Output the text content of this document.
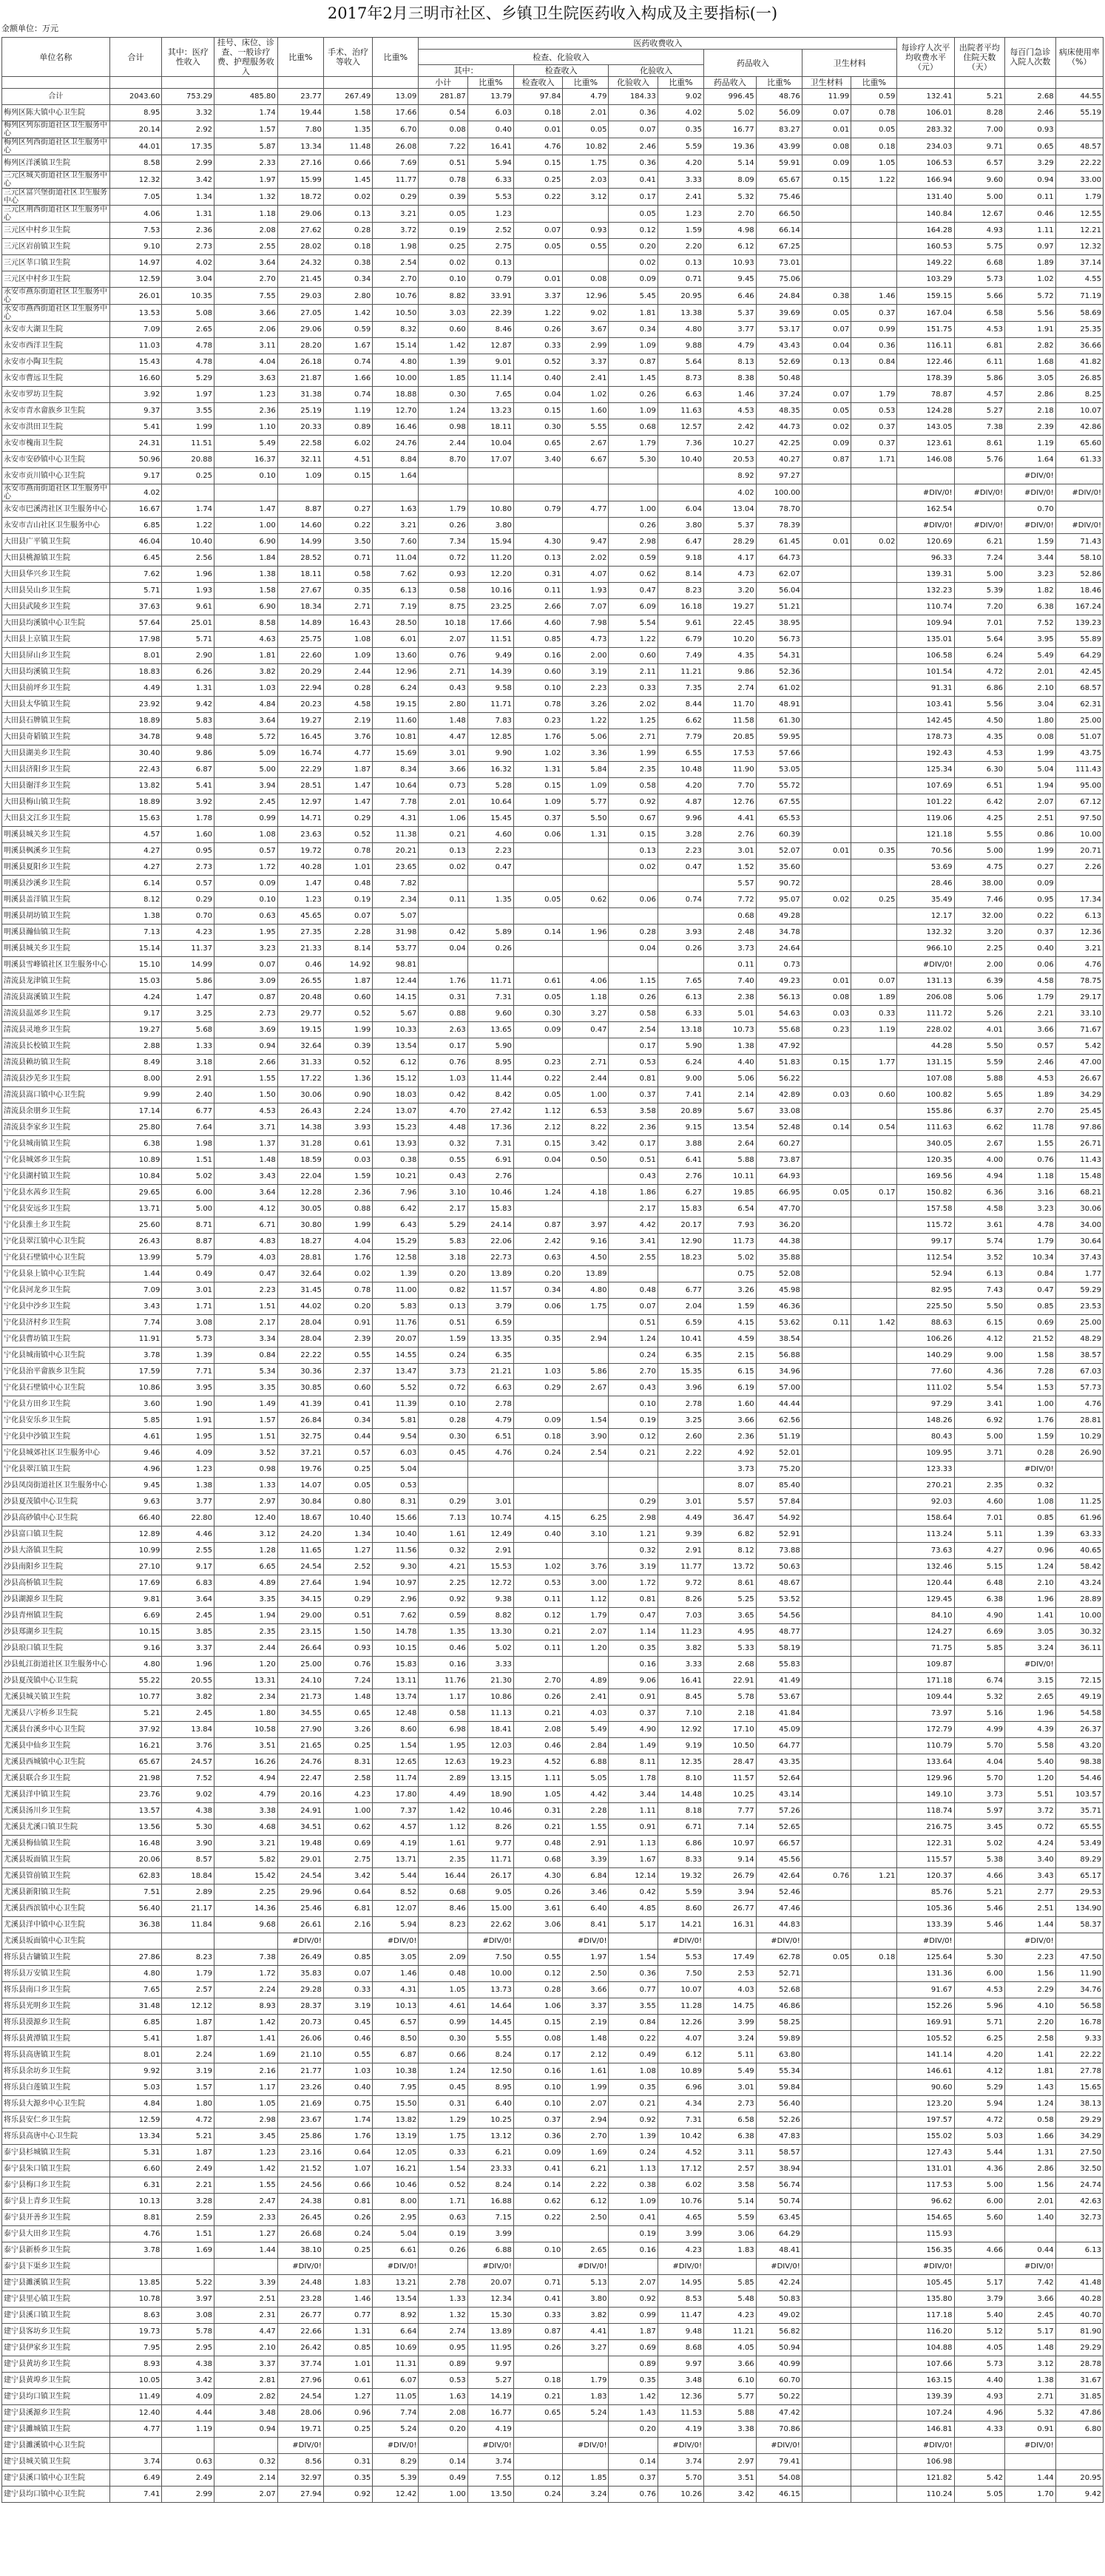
2017年2月三明市社区、乡镇卫生院医药收入构成及主要指标(一)
金额单位：万元
单位名称	合计	其中：医疗性收入	挂号、床位、诊查、一般诊疗费、护理服务收入	比重%	手术、治疗等收入	比重%	医药收费收入										每诊疗人次平均收费水平（元）	出院者平均住院天数（天）	每百门急诊入院人次数	病床使用率（%）
							检查、化验收入						药品收入		卫生材料					
							其中：		检查收入		化验收入									
							小计	比重%	检查收入	比重%	化验收入	比重%	药品收入	比重%	卫生材料	比重%				
合计	2043.60	753.29	485.80	23.77	267.49	13.09	281.87	13.79	97.84	4.79	184.33	9.02	996.45	48.76	11.99	0.59	132.41	5.21	2.68	44.55
梅列区陈大镇中心卫生院	8.95	3.32	1.74	19.44	1.58	17.66	0.54	6.03	0.18	2.01	0.36	4.02	5.02	56.09	0.07	0.78	106.01	8.28	2.46	55.19
梅列区列东街道社区卫生服务中心	20.14	2.92	1.57	7.80	1.35	6.70	0.08	0.40	0.01	0.05	0.07	0.35	16.77	83.27	0.01	0.05	283.32	7.00	0.93	
梅列区列西街道社区卫生服务中心	44.01	17.35	5.87	13.34	11.48	26.08	7.22	16.41	4.76	10.82	2.46	5.59	19.36	43.99	0.08	0.18	234.03	9.71	0.65	48.57
梅列区洋溪镇卫生院	8.58	2.99	2.33	27.16	0.66	7.69	0.51	5.94	0.15	1.75	0.36	4.20	5.14	59.91	0.09	1.05	106.53	6.57	3.29	22.22
三元区城关街道社区卫生服务中心	12.32	3.42	1.97	15.99	1.45	11.77	0.78	6.33	0.25	2.03	0.41	3.33	8.09	65.67	0.15	1.22	166.94	9.60	0.94	33.00
三元区富兴堡街道社区卫生服务中心	7.05	1.34	1.32	18.72	0.02	0.29	0.39	5.53	0.22	3.12	0.17	2.41	5.32	75.46			131.40	5.00	0.11	1.79
三元区荆西街道社区卫生服务中心	4.06	1.31	1.18	29.06	0.13	3.21	0.05	1.23			0.05	1.23	2.70	66.50			140.84	12.67	0.46	12.55
三元区中村乡卫生院	7.53	2.36	2.08	27.62	0.28	3.72	0.19	2.52	0.07	0.93	0.12	1.59	4.98	66.14			164.28	4.93	1.11	12.21
三元区岩前镇卫生院	9.10	2.73	2.55	28.02	0.18	1.98	0.25	2.75	0.05	0.55	0.20	2.20	6.12	67.25			160.53	5.75	0.97	12.32
三元区莘口镇卫生院	14.97	4.02	3.64	24.32	0.38	2.54	0.02	0.13			0.02	0.13	10.93	73.01			149.22	6.68	1.89	37.14
三元区中村乡卫生院	12.59	3.04	2.70	21.45	0.34	2.70	0.10	0.79	0.01	0.08	0.09	0.71	9.45	75.06			103.29	5.73	1.02	4.55
永安市燕东街道社区卫生服务中心	26.01	10.35	7.55	29.03	2.80	10.76	8.82	33.91	3.37	12.96	5.45	20.95	6.46	24.84	0.38	1.46	159.15	5.66	5.72	71.19
永安市燕西街道社区卫生服务中心	13.53	5.08	3.66	27.05	1.42	10.50	3.03	22.39	1.22	9.02	1.81	13.38	5.37	39.69	0.05	0.37	167.04	6.58	5.56	58.69
永安市大湖卫生院	7.09	2.65	2.06	29.06	0.59	8.32	0.60	8.46	0.26	3.67	0.34	4.80	3.77	53.17	0.07	0.99	151.75	4.53	1.91	25.35
永安市西洋卫生院	11.03	4.78	3.11	28.20	1.67	15.14	1.42	12.87	0.33	2.99	1.09	9.88	4.79	43.43	0.04	0.36	116.11	6.81	2.82	36.66
永安市小陶卫生院	15.43	4.78	4.04	26.18	0.74	4.80	1.39	9.01	0.52	3.37	0.87	5.64	8.13	52.69	0.13	0.84	122.46	6.11	1.68	41.82
永安市曹远卫生院	16.60	5.29	3.63	21.87	1.66	10.00	1.85	11.14	0.40	2.41	1.45	8.73	8.38	50.48			178.39	5.86	3.05	26.85
永安市罗坊卫生院	3.92	1.97	1.23	31.38	0.74	18.88	0.30	7.65	0.04	1.02	0.26	6.63	1.46	37.24	0.07	1.79	78.87	4.57	2.86	8.25
永安市青水畲族乡卫生院	9.37	3.55	2.36	25.19	1.19	12.70	1.24	13.23	0.15	1.60	1.09	11.63	4.53	48.35	0.05	0.53	124.28	5.27	2.18	10.07
永安市洪田卫生院	5.41	1.99	1.10	20.33	0.89	16.46	0.98	18.11	0.30	5.55	0.68	12.57	2.42	44.73	0.02	0.37	143.05	7.38	2.39	42.86
永安市槐南卫生院	24.31	11.51	5.49	22.58	6.02	24.76	2.44	10.04	0.65	2.67	1.79	7.36	10.27	42.25	0.09	0.37	123.61	8.61	1.19	65.60
永安市安砂镇中心卫生院	50.96	20.88	16.37	32.11	4.51	8.84	8.70	17.07	3.40	6.67	5.30	10.40	20.53	40.27	0.87	1.71	146.08	5.76	1.64	61.33
永安市贡川镇中心卫生院	9.17	0.25	0.10	1.09	0.15	1.64							8.92	97.27					#DIV/0!	
永安市燕南街道社区卫生服务中心	4.02												4.02	100.00			#DIV/0!	#DIV/0!	#DIV/0!	#DIV/0!
永安市巴溪湾社区卫生服务中心	16.67	1.74	1.47	8.87	0.27	1.63	1.79	10.80	0.79	4.77	1.00	6.04	13.04	78.70			162.54		0.70	
永安市吉山社区卫生服务中心	6.85	1.22	1.00	14.60	0.22	3.21	0.26	3.80			0.26	3.80	5.37	78.39			#DIV/0!	#DIV/0!	#DIV/0!	#DIV/0!
大田县广平镇卫生院	46.04	10.40	6.90	14.99	3.50	7.60	7.34	15.94	4.30	9.47	2.98	6.47	28.29	61.45	0.01	0.02	120.69	6.21	1.59	71.43
大田县桃源镇卫生院	6.45	2.56	1.84	28.52	0.71	11.04	0.72	11.20	0.13	2.02	0.59	9.18	4.17	64.73			96.33	7.24	3.44	58.10
大田县华兴乡卫生院	7.62	1.96	1.38	18.11	0.58	7.62	0.93	12.20	0.31	4.07	0.62	8.14	4.73	62.07			139.31	5.00	3.23	52.86
大田县吴山乡卫生院	5.71	1.93	1.58	27.67	0.35	6.13	0.58	10.16	0.11	1.93	0.47	8.23	3.20	56.04			132.23	5.39	1.82	18.46
大田县武陵乡卫生院	37.63	9.61	6.90	18.34	2.71	7.19	8.75	23.25	2.66	7.07	6.09	16.18	19.27	51.21			110.74	7.20	6.38	167.24
大田县均溪镇中心卫生院	57.64	25.01	8.58	14.89	16.43	28.50	10.18	17.66	4.60	7.98	5.54	9.61	22.45	38.95			109.94	7.01	7.52	139.23
大田县上京镇卫生院	17.98	5.71	4.63	25.75	1.08	6.01	2.07	11.51	0.85	4.73	1.22	6.79	10.20	56.73			135.01	5.64	3.95	55.89
大田县屏山乡卫生院	8.01	2.90	1.81	22.60	1.09	13.60	0.76	9.49	0.16	2.00	0.60	7.49	4.35	54.31			106.58	6.24	5.49	64.29
大田县均溪镇卫生院	18.83	6.26	3.82	20.29	2.44	12.96	2.71	14.39	0.60	3.19	2.11	11.21	9.86	52.36			101.54	4.72	2.01	42.45
大田县前坪乡卫生院	4.49	1.31	1.03	22.94	0.28	6.24	0.43	9.58	0.10	2.23	0.33	7.35	2.74	61.02			91.31	6.86	2.10	68.57
大田县太华镇卫生院	23.92	9.42	4.84	20.23	4.58	19.15	2.80	11.71	0.78	3.26	2.02	8.44	11.70	48.91			103.41	5.56	3.04	62.31
大田县石牌镇卫生院	18.89	5.83	3.64	19.27	2.19	11.60	1.48	7.83	0.23	1.22	1.25	6.62	11.58	61.30			142.45	4.50	1.80	25.00
大田县奇韬镇卫生院	34.78	9.48	5.72	16.45	3.76	10.81	4.47	12.85	1.76	5.06	2.71	7.79	20.85	59.95			178.73	4.35	0.08	51.07
大田县湖美乡卫生院	30.40	9.86	5.09	16.74	4.77	15.69	3.01	9.90	1.02	3.36	1.99	6.55	17.53	57.66			192.43	4.53	1.99	43.75
大田县济阳乡卫生院	22.43	6.87	5.00	22.29	1.87	8.34	3.66	16.32	1.31	5.84	2.35	10.48	11.90	53.05			125.34	6.30	5.04	111.43
大田县谢洋乡卫生院	13.82	5.41	3.94	28.51	1.47	10.64	0.73	5.28	0.15	1.09	0.58	4.20	7.70	55.72			107.69	6.51	1.94	95.00
大田县梅山镇卫生院	18.89	3.92	2.45	12.97	1.47	7.78	2.01	10.64	1.09	5.77	0.92	4.87	12.76	67.55			101.22	6.42	2.07	67.12
大田县文江乡卫生院	15.63	1.78	0.99	14.71	0.29	4.31	1.06	15.45	0.37	5.50	0.67	9.96	4.41	65.53			119.06	4.25	2.51	97.50
明溪县城关乡卫生院	4.57	1.60	1.08	23.63	0.52	11.38	0.21	4.60	0.06	1.31	0.15	3.28	2.76	60.39			121.18	5.55	0.86	10.00
明溪县枫溪乡卫生院	4.27	0.95	0.57	19.72	0.78	20.21	0.13	2.23			0.13	2.23	3.01	52.07	0.01	0.35	70.56	5.00	1.99	20.71
明溪县夏阳乡卫生院	4.27	2.73	1.72	40.28	1.01	23.65	0.02	0.47			0.02	0.47	1.52	35.60			53.69	4.75	0.27	2.26
明溪县沙溪乡卫生院	6.14	0.57	0.09	1.47	0.48	7.82							5.57	90.72			28.46	38.00	0.09	
明溪县盖洋镇卫生院	8.12	0.29	0.10	1.23	0.19	2.34	0.11	1.35	0.05	0.62	0.06	0.74	7.72	95.07	0.02	0.25	35.49	7.46	0.95	17.34
明溪县胡坊镇卫生院	1.38	0.70	0.63	45.65	0.07	5.07							0.68	49.28			12.17	32.00	0.22	6.13
明溪县瀚仙镇卫生院	7.13	4.23	1.95	27.35	2.28	31.98	0.42	5.89	0.14	1.96	0.28	3.93	2.48	34.78			132.32	3.20	0.37	12.36
明溪县城关乡卫生院	15.14	11.37	3.23	21.33	8.14	53.77	0.04	0.26			0.04	0.26	3.73	24.64			966.10	2.25	0.40	3.21
明溪县雪峰镇社区卫生服务中心	15.10	14.99	0.07	0.46	14.92	98.81							0.11	0.73			#DIV/0!	2.00	0.06	4.76
清流县龙津镇卫生院	15.03	5.86	3.09	26.55	1.87	12.44	1.76	11.71	0.61	4.06	1.15	7.65	7.40	49.23	0.01	0.07	131.13	6.39	4.58	78.75
清流县嵩溪镇卫生院	4.24	1.47	0.87	20.48	0.60	14.15	0.31	7.31	0.05	1.18	0.26	6.13	2.38	56.13	0.08	1.89	206.08	5.06	1.79	29.17
清流县温郊乡卫生院	9.17	3.25	2.73	29.77	0.52	5.67	0.88	9.60	0.30	3.27	0.58	6.33	5.01	54.63	0.03	0.33	111.72	5.26	2.21	33.10
清流县灵地乡卫生院	19.27	5.68	3.69	19.15	1.99	10.33	2.63	13.65	0.09	0.47	2.54	13.18	10.73	55.68	0.23	1.19	228.02	4.01	3.66	71.67
清流县长校镇卫生院	2.88	1.33	0.94	32.64	0.39	13.54	0.17	5.90			0.17	5.90	1.38	47.92			44.28	5.50	0.57	5.42
清流县赖坊镇卫生院	8.49	3.18	2.66	31.33	0.52	6.12	0.76	8.95	0.23	2.71	0.53	6.24	4.40	51.83	0.15	1.77	131.15	5.59	2.46	47.00
清流县沙芜乡卫生院	8.00	2.91	1.55	17.22	1.36	15.12	1.03	11.44	0.22	2.44	0.81	9.00	5.06	56.22			107.08	5.88	4.53	26.67
清流县嵩口镇中心卫生院	9.99	2.40	1.50	30.06	0.90	18.03	0.42	8.42	0.05	1.00	0.37	7.41	2.14	42.89	0.03	0.60	100.82	5.65	1.89	34.29
清流县余朋乡卫生院	17.14	6.77	4.53	26.43	2.24	13.07	4.70	27.42	1.12	6.53	3.58	20.89	5.67	33.08			155.86	6.37	2.70	25.45
清流县李家乡卫生院	25.80	7.64	3.71	14.38	3.93	15.23	4.48	17.36	2.12	8.22	2.36	9.15	13.54	52.48	0.14	0.54	111.63	6.62	11.78	97.86
宁化县城南镇卫生院	6.38	1.98	1.37	31.28	0.61	13.93	0.32	7.31	0.15	3.42	0.17	3.88	2.64	60.27			340.05	2.67	1.55	26.71
宁化县城郊乡卫生院	10.89	1.51	1.48	18.59	0.03	0.38	0.55	6.91	0.04	0.50	0.51	6.41	5.88	73.87			120.35	4.00	0.76	11.43
宁化县湖村镇卫生院	10.84	5.02	3.43	22.04	1.59	10.21	0.43	2.76			0.43	2.76	10.11	64.93			169.56	4.94	1.18	15.48
宁化县水茜乡卫生院	29.65	6.00	3.64	12.28	2.36	7.96	3.10	10.46	1.24	4.18	1.86	6.27	19.85	66.95	0.05	0.17	150.82	6.36	3.16	68.21
宁化县安远乡卫生院	13.71	5.00	4.12	30.05	0.88	6.42	2.17	15.83			2.17	15.83	6.54	47.70			157.58	4.58	3.23	30.06
宁化县淮土乡卫生院	25.60	8.71	6.71	30.80	1.99	6.43	5.29	24.14	0.87	3.97	4.42	20.17	7.93	36.20			115.72	3.61	4.78	34.00
宁化县翠江镇中心卫生院	26.43	8.87	4.83	18.27	4.04	15.29	5.83	22.06	2.42	9.16	3.41	12.90	11.73	44.38			99.17	5.74	1.79	30.64
宁化县石壁镇中心卫生院	13.99	5.79	4.03	28.81	1.76	12.58	3.18	22.73	0.63	4.50	2.55	18.23	5.02	35.88			112.54	3.52	10.34	37.43
宁化县泉上镇中心卫生院	1.44	0.49	0.47	32.64	0.02	1.39	0.20	13.89	0.20	13.89			0.75	52.08			52.94	6.13	0.84	1.77
宁化县河龙乡卫生院	7.09	3.01	2.23	31.45	0.78	11.00	0.82	11.57	0.34	4.80	0.48	6.77	3.26	45.98			82.95	7.43	0.47	59.29
宁化县中沙乡卫生院	3.43	1.71	1.51	44.02	0.20	5.83	0.13	3.79	0.06	1.75	0.07	2.04	1.59	46.36			225.50	5.50	0.85	23.53
宁化县济村乡卫生院	7.74	3.08	2.17	28.04	0.91	11.76	0.51	6.59			0.51	6.59	4.15	53.62	0.11	1.42	88.63	6.15	0.69	25.00
宁化县曹坊镇卫生院	11.91	5.73	3.34	28.04	2.39	20.07	1.59	13.35	0.35	2.94	1.24	10.41	4.59	38.54			106.26	4.12	21.52	48.29
宁化县城南镇中心卫生院	3.78	1.39	0.84	22.22	0.55	14.55	0.24	6.35			0.24	6.35	2.15	56.88			140.29	9.00	1.58	38.57
宁化县治平畲族乡卫生院	17.59	7.71	5.34	30.36	2.37	13.47	3.73	21.21	1.03	5.86	2.70	15.35	6.15	34.96			77.60	4.36	7.28	67.03
宁化县石壁镇中心卫生院	10.86	3.95	3.35	30.85	0.60	5.52	0.72	6.63	0.29	2.67	0.43	3.96	6.19	57.00			111.02	5.54	1.53	57.73
宁化县方田乡卫生院	3.60	1.90	1.49	41.39	0.41	11.39	0.10	2.78			0.10	2.78	1.60	44.44			97.29	3.41	1.00	4.76
宁化县安乐乡卫生院	5.85	1.91	1.57	26.84	0.34	5.81	0.28	4.79	0.09	1.54	0.19	3.25	3.66	62.56			148.26	6.92	1.76	28.81
宁化县中沙镇卫生院	4.61	1.95	1.51	32.75	0.44	9.54	0.30	6.51	0.18	3.90	0.12	2.60	2.36	51.19			80.43	5.00	1.59	10.29
宁化县城郊社区卫生服务中心	9.46	4.09	3.52	37.21	0.57	6.03	0.45	4.76	0.24	2.54	0.21	2.22	4.92	52.01			109.95	3.71	0.28	26.90
宁化县翠江镇卫生院	4.96	1.23	0.98	19.76	0.25	5.04							3.73	75.20			123.33		#DIV/0!	
沙县凤岗街道社区卫生服务中心	9.45	1.38	1.33	14.07	0.05	0.53							8.07	85.40			270.21	2.35	0.32	
沙县夏茂镇中心卫生院	9.63	3.77	2.97	30.84	0.80	8.31	0.29	3.01			0.29	3.01	5.57	57.84			92.03	4.60	1.08	11.25
沙县高砂镇中心卫生院	66.40	22.80	12.40	18.67	10.40	15.66	7.13	10.74	4.15	6.25	2.98	4.49	36.47	54.92			158.64	7.01	0.85	61.96
沙县富口镇卫生院	12.89	4.46	3.12	24.20	1.34	10.40	1.61	12.49	0.40	3.10	1.21	9.39	6.82	52.91			113.24	5.11	1.39	63.33
沙县大洛镇卫生院	10.99	2.55	1.28	11.65	1.27	11.56	0.32	2.91			0.32	2.91	8.12	73.88			73.63	4.27	0.96	40.65
沙县南阳乡卫生院	27.10	9.17	6.65	24.54	2.52	9.30	4.21	15.53	1.02	3.76	3.19	11.77	13.72	50.63			132.46	5.15	1.24	58.42
沙县高桥镇卫生院	17.69	6.83	4.89	27.64	1.94	10.97	2.25	12.72	0.53	3.00	1.72	9.72	8.61	48.67			120.44	6.48	2.10	43.24
沙县湖源乡卫生院	9.81	3.64	3.35	34.15	0.29	2.96	0.92	9.38	0.11	1.12	0.81	8.26	5.25	53.52			129.45	6.38	1.96	28.89
沙县青州镇卫生院	6.69	2.45	1.94	29.00	0.51	7.62	0.59	8.82	0.12	1.79	0.47	7.03	3.65	54.56			84.10	4.90	1.41	10.00
沙县郑湖乡卫生院	10.15	3.85	2.35	23.15	1.50	14.78	1.35	13.30	0.21	2.07	1.14	11.23	4.95	48.77			124.27	6.69	3.05	30.32
沙县琅口镇卫生院	9.16	3.37	2.44	26.64	0.93	10.15	0.46	5.02	0.11	1.20	0.35	3.82	5.33	58.19			71.75	5.85	3.24	36.11
沙县虬江街道社区卫生服务中心	4.80	1.96	1.20	25.00	0.76	15.83	0.16	3.33			0.16	3.33	2.68	55.83			109.87		#DIV/0!	
沙县夏茂镇中心卫生院	55.22	20.55	13.31	24.10	7.24	13.11	11.76	21.30	2.70	4.89	9.06	16.41	22.91	41.49			171.18	6.74	3.15	72.15
尤溪县城关镇卫生院	10.77	3.82	2.34	21.73	1.48	13.74	1.17	10.86	0.26	2.41	0.91	8.45	5.78	53.67			109.44	5.32	2.65	49.19
尤溪县八字桥乡卫生院	5.21	2.45	1.80	34.55	0.65	12.48	0.58	11.13	0.21	4.03	0.37	7.10	2.18	41.84			73.97	5.16	1.96	54.58
尤溪县台溪乡中心卫生院	37.92	13.84	10.58	27.90	3.26	8.60	6.98	18.41	2.08	5.49	4.90	12.92	17.10	45.09			172.79	4.99	4.39	26.37
尤溪县中仙乡卫生院	16.21	3.76	3.51	21.65	0.25	1.54	1.95	12.03	0.46	2.84	1.49	9.19	10.50	64.77			110.79	5.70	5.58	43.20
尤溪县西城镇中心卫生院	65.67	24.57	16.26	24.76	8.31	12.65	12.63	19.23	4.52	6.88	8.11	12.35	28.47	43.35			133.64	4.04	5.40	98.38
尤溪县联合乡卫生院	21.98	7.52	4.94	22.47	2.58	11.74	2.89	13.15	1.11	5.05	1.78	8.10	11.57	52.64			129.96	5.70	1.20	54.46
尤溪县洋中镇卫生院	23.76	9.02	4.79	20.16	4.23	17.80	4.49	18.90	1.05	4.42	3.44	14.48	10.25	43.14			149.10	3.73	5.51	103.57
尤溪县汤川乡卫生院	13.57	4.38	3.38	24.91	1.00	7.37	1.42	10.46	0.31	2.28	1.11	8.18	7.77	57.26			118.74	5.97	3.72	35.71
尤溪县尤溪口镇卫生院	13.56	5.30	4.68	34.51	0.62	4.57	1.12	8.26	0.21	1.55	0.91	6.71	7.14	52.65			216.75	3.45	0.72	65.55
尤溪县梅仙镇卫生院	16.48	3.90	3.21	19.48	0.69	4.19	1.61	9.77	0.48	2.91	1.13	6.86	10.97	66.57			122.31	5.02	4.24	53.49
尤溪县坂面镇卫生院	20.06	8.57	5.82	29.01	2.75	13.71	2.35	11.71	0.68	3.39	1.67	8.33	9.14	45.56			115.57	5.38	3.40	89.29
尤溪县管前镇卫生院	62.83	18.84	15.42	24.54	3.42	5.44	16.44	26.17	4.30	6.84	12.14	19.32	26.79	42.64	0.76	1.21	120.37	4.66	3.43	65.17
尤溪县新阳镇卫生院	7.51	2.89	2.25	29.96	0.64	8.52	0.68	9.05	0.26	3.46	0.42	5.59	3.94	52.46			85.76	5.21	2.77	29.53
尤溪县西滨镇中心卫生院	56.40	21.17	14.36	25.46	6.81	12.07	8.46	15.00	3.61	6.40	4.85	8.60	26.77	47.46			105.36	5.46	2.51	134.90
尤溪县洋中镇中心卫生院	36.38	11.84	9.68	26.61	2.16	5.94	8.23	22.62	3.06	8.41	5.17	14.21	16.31	44.83			133.39	5.46	1.44	58.37
尤溪县坂面镇中心卫生院				#DIV/0!		#DIV/0!		#DIV/0!		#DIV/0!		#DIV/0!		#DIV/0!			#DIV/0!		#DIV/0!	
将乐县古镛镇卫生院	27.86	8.23	7.38	26.49	0.85	3.05	2.09	7.50	0.55	1.97	1.54	5.53	17.49	62.78	0.05	0.18	125.64	5.30	2.23	47.50
将乐县万安镇卫生院	4.80	1.79	1.72	35.83	0.07	1.46	0.48	10.00	0.12	2.50	0.36	7.50	2.53	52.71			131.36	6.00	1.56	11.90
将乐县南口乡卫生院	7.65	2.57	2.24	29.28	0.33	4.31	1.05	13.73	0.28	3.66	0.77	10.07	4.03	52.68			91.67	4.53	2.29	34.76
将乐县光明乡卫生院	31.48	12.12	8.93	28.37	3.19	10.13	4.61	14.64	1.06	3.37	3.55	11.28	14.75	46.86			152.26	5.96	4.10	56.58
将乐县漠源乡卫生院	6.85	1.87	1.42	20.73	0.45	6.57	0.99	14.45	0.15	2.19	0.84	12.26	3.99	58.25			169.91	5.71	2.20	16.78
将乐县黄潭镇卫生院	5.41	1.87	1.41	26.06	0.46	8.50	0.30	5.55	0.08	1.48	0.22	4.07	3.24	59.89			105.52	6.25	2.58	9.33
将乐县高唐镇卫生院	8.01	2.24	1.69	21.10	0.55	6.87	0.66	8.24	0.17	2.12	0.49	6.12	5.11	63.80			141.14	4.20	1.41	22.22
将乐县余坊乡卫生院	9.92	3.19	2.16	21.77	1.03	10.38	1.24	12.50	0.16	1.61	1.08	10.89	5.49	55.34			146.61	4.12	1.81	27.78
将乐县白莲镇卫生院	5.03	1.57	1.17	23.26	0.40	7.95	0.45	8.95	0.10	1.99	0.35	6.96	3.01	59.84			90.60	5.29	1.43	15.65
将乐县大源乡中心卫生院	4.84	1.80	1.05	21.69	0.75	15.50	0.31	6.40	0.10	2.07	0.21	4.34	2.73	56.40			123.20	5.94	1.24	38.13
将乐县安仁乡卫生院	12.59	4.72	2.98	23.67	1.74	13.82	1.29	10.25	0.37	2.94	0.92	7.31	6.58	52.26			197.57	4.72	0.58	29.29
将乐县高唐中心卫生院	13.34	5.21	3.45	25.86	1.76	13.19	1.75	13.12	0.36	2.70	1.39	10.42	6.38	47.83			155.02	5.03	1.66	34.29
泰宁县杉城镇卫生院	5.31	1.87	1.23	23.16	0.64	12.05	0.33	6.21	0.09	1.69	0.24	4.52	3.11	58.57			127.43	5.44	1.31	27.50
泰宁县朱口镇卫生院	6.60	2.49	1.42	21.52	1.07	16.21	1.54	23.33	0.41	6.21	1.13	17.12	2.57	38.94			131.01	4.36	2.86	32.50
泰宁县梅口乡卫生院	6.31	2.21	1.55	24.56	0.66	10.46	0.52	8.24	0.14	2.22	0.38	6.02	3.58	56.74			117.53	5.00	1.56	24.74
泰宁县上青乡卫生院	10.13	3.28	2.47	24.38	0.81	8.00	1.71	16.88	0.62	6.12	1.09	10.76	5.14	50.74			96.62	6.00	2.01	42.63
泰宁县开善乡卫生院	8.81	2.59	2.33	26.45	0.26	2.95	0.63	7.15	0.22	2.50	0.41	4.65	5.59	63.45			154.65	5.60	1.40	32.73
泰宁县大田乡卫生院	4.76	1.51	1.27	26.68	0.24	5.04	0.19	3.99			0.19	3.99	3.06	64.29			115.93			
泰宁县新桥乡卫生院	3.78	1.69	1.44	38.10	0.25	6.61	0.26	6.88	0.10	2.65	0.16	4.23	1.83	48.41			156.35	4.66	0.44	6.13
泰宁县下渠乡卫生院				#DIV/0!		#DIV/0!		#DIV/0!		#DIV/0!		#DIV/0!		#DIV/0!			#DIV/0!		#DIV/0!	
建宁县濉溪镇卫生院	13.85	5.22	3.39	24.48	1.83	13.21	2.78	20.07	0.71	5.13	2.07	14.95	5.85	42.24			105.45	5.17	7.42	41.48
建宁县里心镇卫生院	10.78	3.97	2.51	23.28	1.46	13.54	1.33	12.34	0.41	3.80	0.92	8.53	5.48	50.83			135.80	3.79	3.66	40.28
建宁县溪口镇卫生院	8.63	3.08	2.31	26.77	0.77	8.92	1.32	15.30	0.33	3.82	0.99	11.47	4.23	49.02			117.18	5.40	2.45	40.70
建宁县客坊乡卫生院	19.73	5.78	4.47	22.66	1.31	6.64	2.74	13.89	0.87	4.41	1.87	9.48	11.21	56.82			116.20	5.12	5.17	81.90
建宁县伊家乡卫生院	7.95	2.95	2.10	26.42	0.85	10.69	0.95	11.95	0.26	3.27	0.69	8.68	4.05	50.94			104.88	4.05	1.48	29.29
建宁县黄坊乡卫生院	8.93	4.38	3.37	37.74	1.01	11.31	0.89	9.97			0.89	9.97	3.66	40.99			107.66	5.73	3.12	28.78
建宁县黄埠乡卫生院	10.05	3.42	2.81	27.96	0.61	6.07	0.53	5.27	0.18	1.79	0.35	3.48	6.10	60.70			163.15	4.40	1.38	31.67
建宁县均口镇卫生院	11.49	4.09	2.82	24.54	1.27	11.05	1.63	14.19	0.21	1.83	1.42	12.36	5.77	50.22			139.39	4.93	2.71	31.85
建宁县溪源乡卫生院	12.40	4.44	3.48	28.06	0.96	7.74	2.08	16.77	0.65	5.24	1.43	11.53	5.88	47.42			107.24	4.96	5.32	47.86
建宁县濉城镇卫生院	4.77	1.19	0.94	19.71	0.25	5.24	0.20	4.19			0.20	4.19	3.38	70.86			146.81	4.33	0.91	6.80
建宁县濉溪镇中心卫生院				#DIV/0!		#DIV/0!		#DIV/0!		#DIV/0!		#DIV/0!		#DIV/0!			#DIV/0!		#DIV/0!	
建宁县城关镇卫生院	3.74	0.63	0.32	8.56	0.31	8.29	0.14	3.74			0.14	3.74	2.97	79.41			106.98			
建宁县溪口镇中心卫生院	6.49	2.49	2.14	32.97	0.35	5.39	0.49	7.55	0.12	1.85	0.37	5.70	3.51	54.08			121.82	5.42	1.44	20.95
建宁县均口镇中心卫生院	7.41	2.99	2.07	27.94	0.92	12.42	1.00	13.50	0.24	3.24	0.76	10.26	3.42	46.15			110.24	5.05	1.70	9.42
